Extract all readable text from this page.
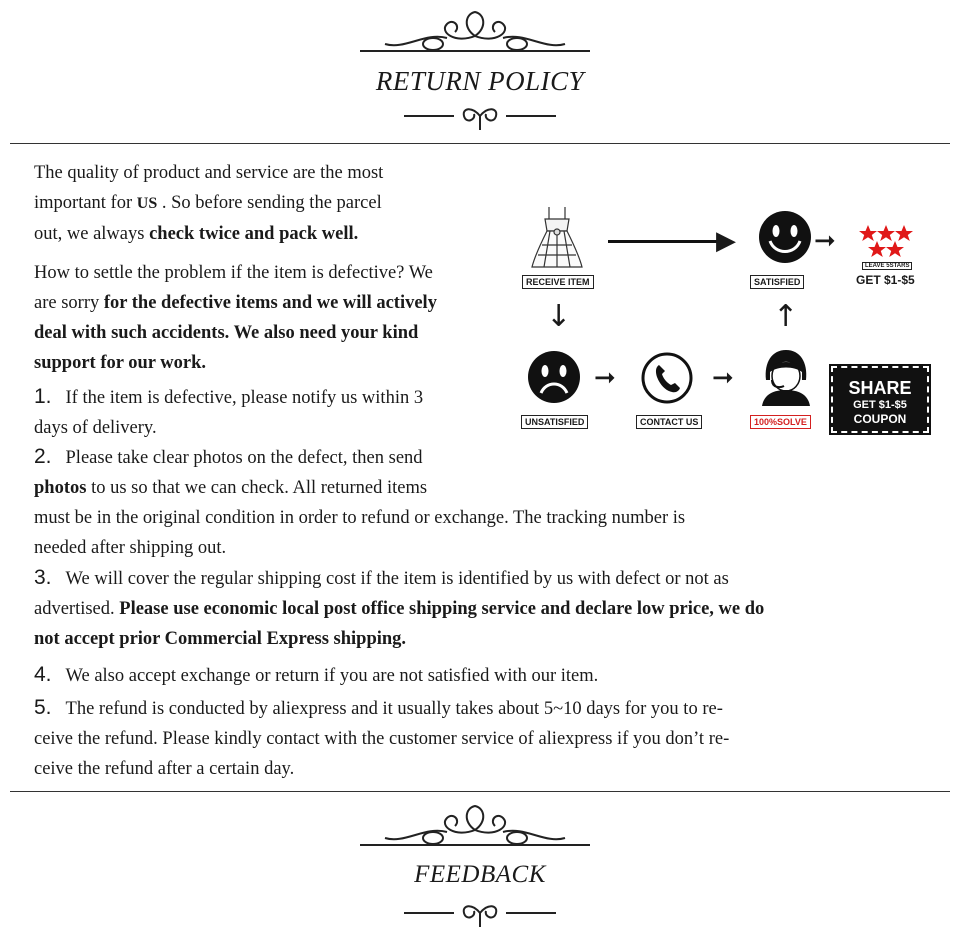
RETURN POLICY
The quality of product and service are the most
important for US . So before sending the parcel
out, we always check twice and pack well.
How to settle the problem if the item is defective? We
are sorry for the defective items and we will actively
deal with such accidents. We also need your kind
support for our work.
1. If the item is defective, please notify us within 3
days of delivery.
2. Please take clear photos on the defect, then send
photos to us so that we can check. All returned items
must be in the original condition in order to refund or exchange. The tracking number is
needed after shipping out.
3. We will cover the regular shipping cost if the item is identified by us with defect or not as
advertised. Please use economic local post office shipping service and declare low price, we do
not accept prior Commercial Express shipping.
4. We also accept exchange or return if you are not satisfied with our item.
5. The refund is conducted by aliexpress and it usually takes about 5~10 days for you to re-
ceive the refund. Please kindly contact with the customer service of aliexpress if you don’t re-
ceive the refund after a certain day.
RECEIVE ITEM
▶
SATISFIED
➞
LEAVE 5STARS
GET $1-$5
↓	↑
UNSATISFIED
➞
CONTACT US
➞
100%SOLVE
SHARE
GET $1-$5
COUPON
FEEDBACK
